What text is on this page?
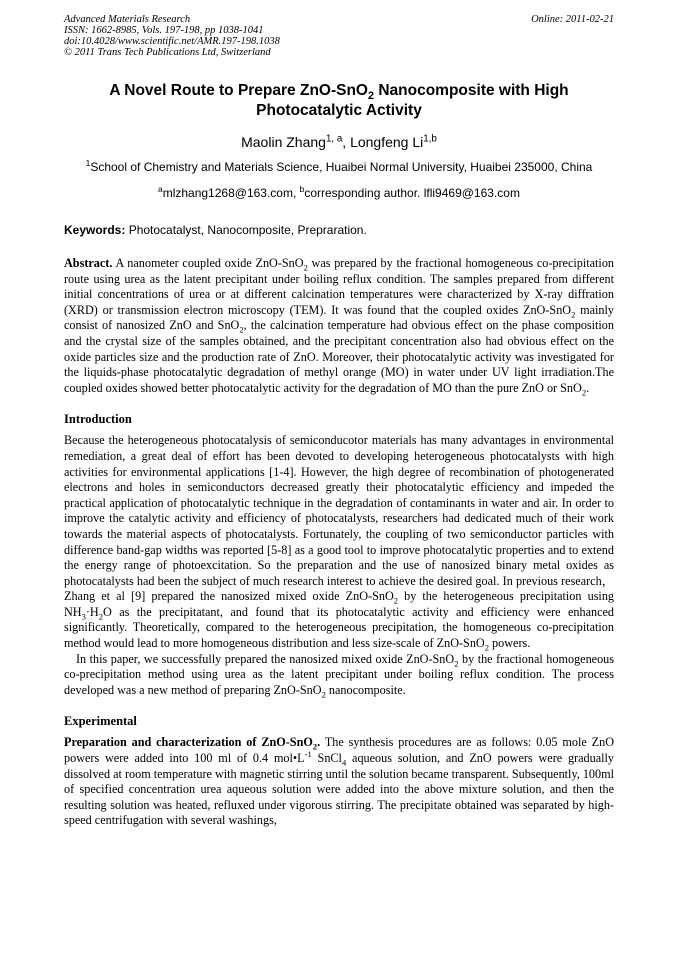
Advanced Materials Research
ISSN: 1662-8985, Vols. 197-198, pp 1038-1041
doi:10.4028/www.scientific.net/AMR.197-198.1038
© 2011 Trans Tech Publications Ltd, Switzerland
Online: 2011-02-21
A Novel Route to Prepare ZnO-SnO$_2$ Nanocomposite with High Photocatalytic Activity
Maolin Zhang$^{1, a}$, Longfeng Li$^{1,b}$
$^1$School of Chemistry and Materials Science, Huaibei Normal University, Huaibei 235000, China
$^a$mlzhang1268@163.com, $^b$corresponding author. lfli9469@163.com
Keywords: Photocatalyst, Nanocomposite, Prepraration.

Abstract. A nanometer coupled oxide ZnO-SnO$_2$ was prepared by the fractional homogeneous co-precipitation route using urea as the latent precipitant under boiling reflux condition. The samples prepared from different initial concentrations of urea or at different calcination temperatures were characterized by X-ray diffration (XRD) or transmission electron microscopy (TEM). It was found that the coupled oxides ZnO-SnO$_2$ mainly consist of nanosized ZnO and SnO$_2$, the calcination temperature had obvious effect on the phase composition and the crystal size of the samples obtained, and the precipitant concentration also had obvious effect on the oxide particles size and the production rate of ZnO. Moreover, their photocatalytic activity was investigated for the liquids-phase photocatalytic degradation of methyl orange (MO) in water under UV light irradiation.The coupled oxides showed better photocatalytic activity for the degradation of MO than the pure ZnO or SnO$_2$.

Introduction

Because the heterogeneous photocatalysis of semiconducotor materials has many advantages in environmental remediation, a great deal of effort has been devoted to developing heterogeneous photocatalysts with high activities for environmental applications [1-4]. However, the high degree of recombination of photogenerated electrons and holes in semiconductors decreased greatly their photocatalytic efficiency and impeded the practical application of photocatalytic technique in the degradation of contaminants in water and air. In order to improve the catalytic activity and efficiency of photocatalysts, researchers had dedicated much of their work towards the material aspects of photocatalysts. Fortunately, the coupling of two semiconductor particles with difference band-gap widths was reported [5-8] as a good tool to improve photocatalytic properties and to extend the energy range of photoexcitation. So the preparation and the use of nanosized binary metal oxides as photocatalysts had been the subject of much research interest to achieve the desired goal. In previous research，Zhang et al [9] prepared the nanosized mixed oxide ZnO-SnO$_2$ by the heterogeneous precipitation using $NH_3\cdot H_2O$ as the precipitatant, and found that its photocatalytic activity and efficiency were enhanced significantly. Theoretically, compared to the heterogeneous precipitation, the homogeneous co-precipitation method would lead to more homogeneous distribution and less size-scale of ZnO-SnO$_2$ powers.

In this paper, we successfully prepared the nanosized mixed oxide ZnO-SnO$_2$ by the fractional homogeneous co-precipitation method using urea as the latent precipitant under boiling reflux condition. The process developed was a new method of preparing ZnO-SnO$_2$ nanocomposite.

Experimental

Preparation and characterization of ZnO-SnO$_2$. The synthesis procedures are as follows: 0.05 mole ZnO powers were added into 100 ml of 0.4 $mol•L^{-1}$ SnCl$_4$ aqueous solution, and ZnO powers were gradually dissolved at room temperature with magnetic stirring until the solution became transparent. Subsequently, 100ml of specified concentration urea aqueous solution were added into the above mixture solution, and then the resulting solution was heated, refluxed under vigorous stirring. The precipitate obtained was separated by high-speed centrifugation with several washings,
